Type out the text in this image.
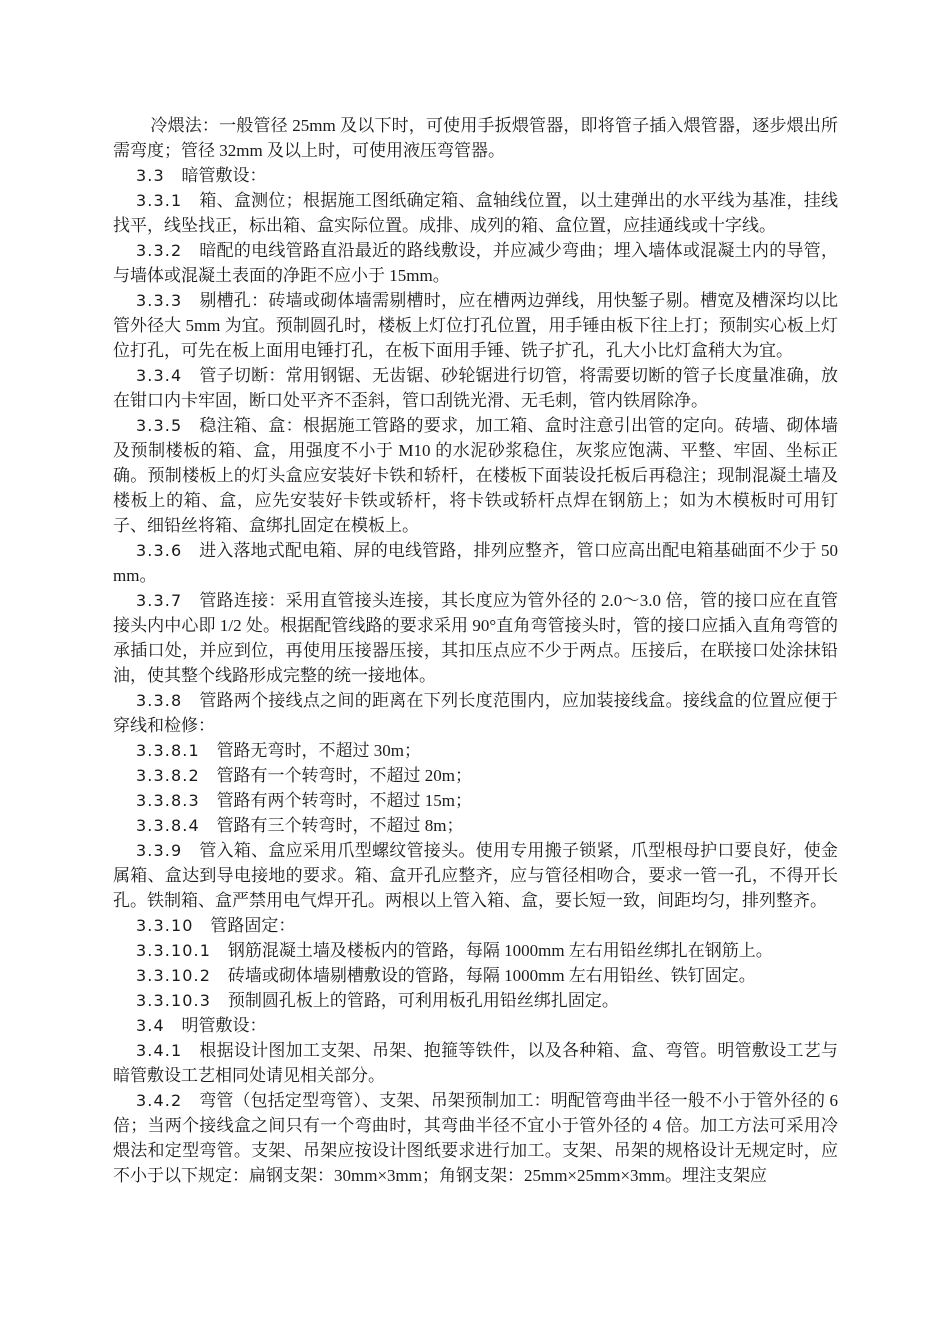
冷煨法：一般管径 25mm 及以下时，可使用手扳煨管器，即将管子插入煨管器，逐步煨出所需弯度；管径 32mm 及以上时，可使用液压弯管器。

3.3 暗管敷设：

3.3.1 箱、盒测位；根据施工图纸确定箱、盒轴线位置，以土建弹出的水平线为基准，挂线找平，线坠找正，标出箱、盒实际位置。成排、成列的箱、盒位置，应挂通线或十字线。

3.3.2 暗配的电线管路直沿最近的路线敷设，并应减少弯曲；埋入墙体或混凝土内的导管，与墙体或混凝土表面的净距不应小于 15mm。

3.3.3 剔槽孔：砖墙或砌体墙需剔槽时，应在槽两边弹线，用快錾子剔。槽宽及槽深均以比管外径大 5mm 为宜。预制圆孔时，楼板上灯位打孔位置，用手锤由板下往上打；预制实心板上灯位打孔，可先在板上面用电锤打孔，在板下面用手锤、铣子扩孔，孔大小比灯盒稍大为宜。

3.3.4 管子切断：常用钢锯、无齿锯、砂轮锯进行切管，将需要切断的管子长度量准确，放在钳口内卡牢固，断口处平齐不歪斜，管口刮铣光滑、无毛刺，管内铁屑除净。

3.3.5 稳注箱、盒：根据施工管路的要求，加工箱、盒时注意引出管的定向。砖墙、砌体墙及预制楼板的箱、盒，用强度不小于 M10 的水泥砂浆稳住，灰浆应饱满、平整、牢固、坐标正确。预制楼板上的灯头盒应安装好卡铁和轿杆，在楼板下面装设托板后再稳注；现制混凝土墙及楼板上的箱、盒，应先安装好卡铁或轿杆，将卡铁或轿杆点焊在钢筋上；如为木模板时可用钉子、细铅丝将箱、盒绑扎固定在模板上。

3.3.6 进入落地式配电箱、屏的电线管路，排列应整齐，管口应高出配电箱基础面不少于 50mm。

3.3.7 管路连接：采用直管接头连接，其长度应为管外径的 2.0～3.0 倍，管的接口应在直管接头内中心即 1/2 处。根据配管线路的要求采用 90°直角弯管接头时，管的接口应插入直角弯管的承插口处，并应到位，再使用压接器压接，其扣压点应不少于两点。压接后，在联接口处涂抹铅油，使其整个线路形成完整的统一接地体。

3.3.8 管路两个接线点之间的距离在下列长度范围内，应加装接线盒。接线盒的位置应便于穿线和检修：

3.3.8.1 管路无弯时，不超过 30m；

3.3.8.2 管路有一个转弯时，不超过 20m；

3.3.8.3 管路有两个转弯时，不超过 15m；

3.3.8.4 管路有三个转弯时，不超过 8m；

3.3.9 管入箱、盒应采用爪型螺纹管接头。使用专用搬子锁紧，爪型根母护口要良好，使金属箱、盒达到导电接地的要求。箱、盒开孔应整齐，应与管径相吻合，要求一管一孔，不得开长孔。铁制箱、盒严禁用电气焊开孔。两根以上管入箱、盒，要长短一致，间距均匀，排列整齐。

3.3.10 管路固定：

3.3.10.1 钢筋混凝土墙及楼板内的管路，每隔 1000mm 左右用铅丝绑扎在钢筋上。

3.3.10.2 砖墙或砌体墙剔槽敷设的管路，每隔 1000mm 左右用铅丝、铁钉固定。

3.3.10.3 预制圆孔板上的管路，可利用板孔用铅丝绑扎固定。

3.4 明管敷设：

3.4.1 根据设计图加工支架、吊架、抱箍等铁件，以及各种箱、盒、弯管。明管敷设工艺与暗管敷设工艺相同处请见相关部分。

3.4.2 弯管（包括定型弯管）、支架、吊架预制加工：明配管弯曲半径一般不小于管外径的 6 倍；当两个接线盒之间只有一个弯曲时，其弯曲半径不宜小于管外径的 4 倍。加工方法可采用冷煨法和定型弯管。支架、吊架应按设计图纸要求进行加工。支架、吊架的规格设计无规定时，应不小于以下规定：扁钢支架：30mm×3mm；角钢支架：25mm×25mm×3mm。埋注支架应
